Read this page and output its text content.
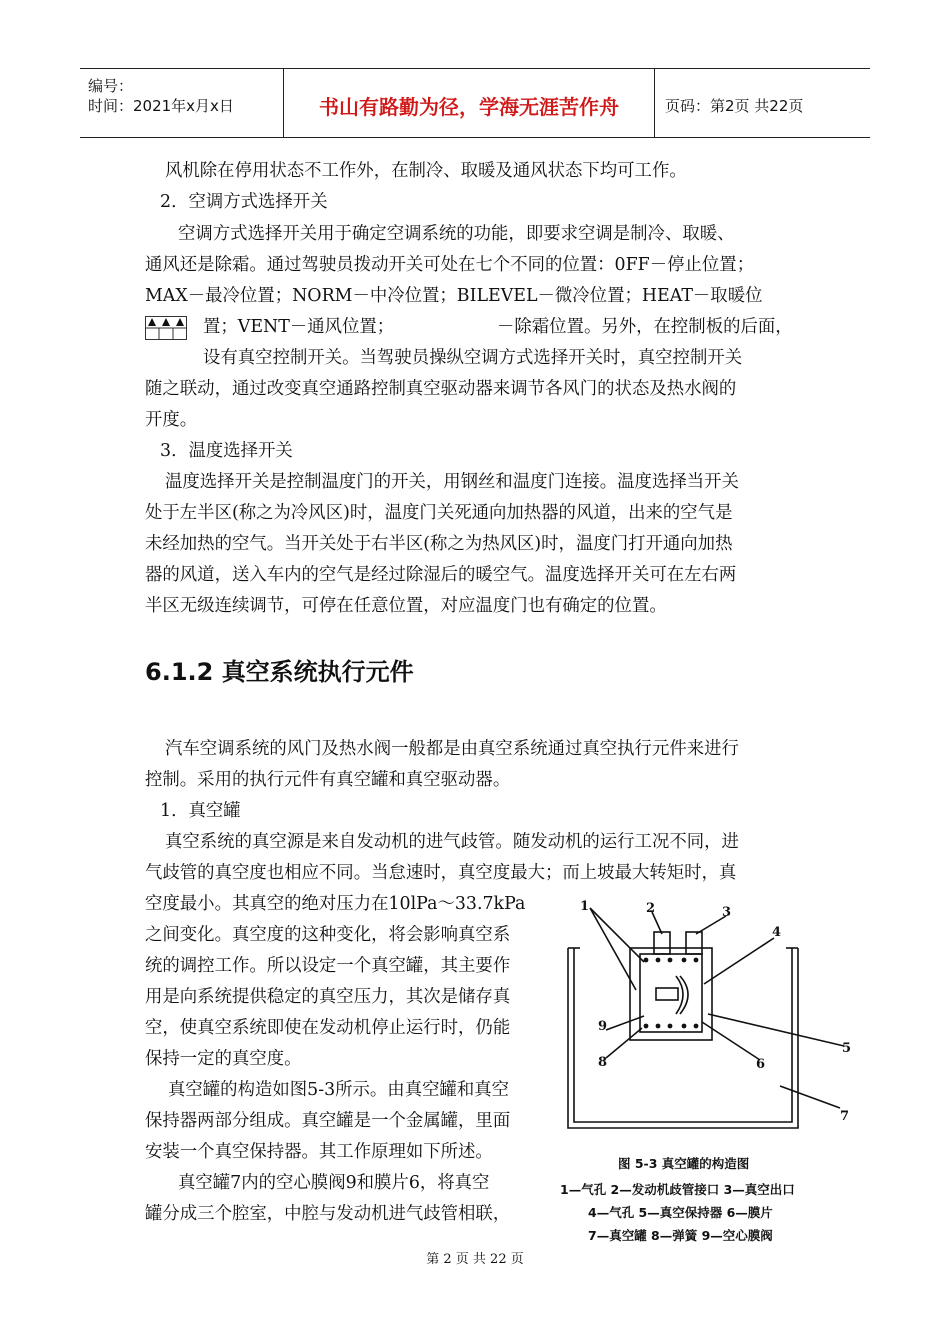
编号：
时间：2021年x月x日	书山有路勤为径，学海无涯苦作舟	页码：第2页 共22页
风机除在停用状态不工作外，在制冷、取暖及通风状态下均可工作。
2．空调方式选择开关
空调方式选择开关用于确定空调系统的功能，即要求空调是制冷、取暖、
通风还是除霜。通过驾驶员拨动开关可处在七个不同的位置：0FF－停止位置；
MAX－最冷位置；NORM－中冷位置；BILEVEL－微冷位置；HEAT－取暖位
置；VENT－通风位置；	－除霜位置。另外，在控制板的后面，
设有真空控制开关。当驾驶员操纵空调方式选择开关时，真空控制开关
随之联动，通过改变真空通路控制真空驱动器来调节各风门的状态及热水阀的
开度。
3．温度选择开关
温度选择开关是控制温度门的开关，用钢丝和温度门连接。温度选择当开关
处于左半区(称之为冷风区)时，温度门关死通向加热器的风道，出来的空气是
未经加热的空气。当开关处于右半区(称之为热风区)时，温度门打开通向加热
器的风道，送入车内的空气是经过除湿后的暖空气。温度选择开关可在左右两
半区无级连续调节，可停在任意位置，对应温度门也有确定的位置。
6.1.2 真空系统执行元件
汽车空调系统的风门及热水阀一般都是由真空系统通过真空执行元件来进行
控制。采用的执行元件有真空罐和真空驱动器。
1．真空罐
真空系统的真空源是来自发动机的进气歧管。随发动机的运行工况不同，进
气歧管的真空度也相应不同。当怠速时，真空度最大；而上坡最大转矩时，真
空度最小。其真空的绝对压力在10lPa～33.7kPa
之间变化。真空度的这种变化，将会影响真空系
统的调控工作。所以设定一个真空罐，其主要作
用是向系统提供稳定的真空压力，其次是储存真
空，使真空系统即使在发动机停止运行时，仍能
保持一定的真空度。
真空罐的构造如图5-3所示。由真空罐和真空
保持器两部分组成。真空罐是一个金属罐，里面
安装一个真空保持器。其工作原理如下所述。
真空罐7内的空心膜阀9和膜片6，将真空
罐分成三个腔室，中腔与发动机进气歧管相联，
1	2	3
4
5
6
7
8
9
图 5-3 真空罐的构造图
1—气孔 2—发动机歧管接口 3—真空出口
4—气孔 5—真空保持器 6—膜片
7—真空罐 8—弹簧 9—空心膜阀
第 2 页 共 22 页
